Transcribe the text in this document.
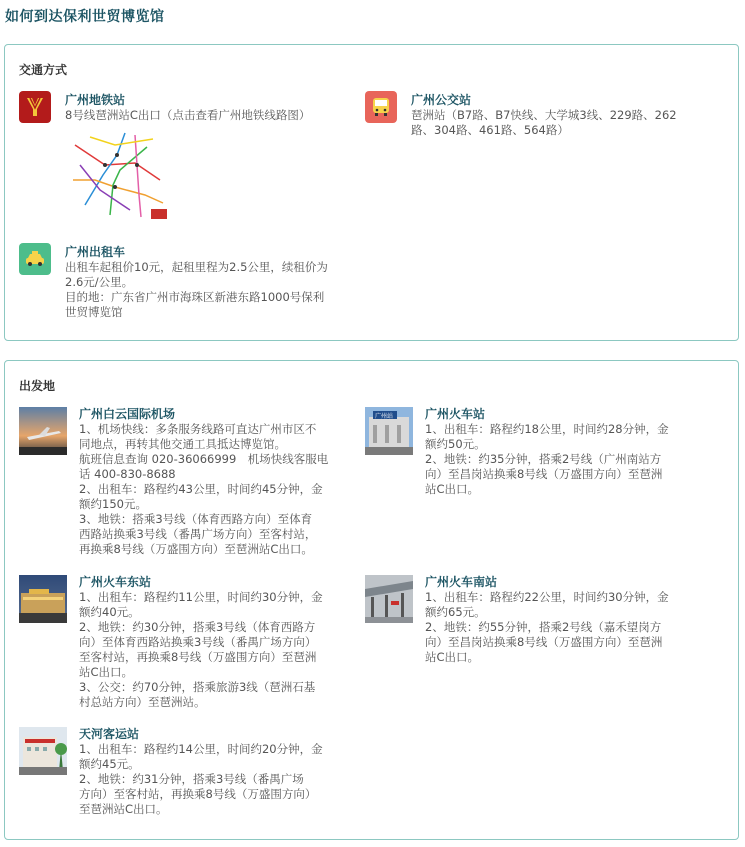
如何到达保利世贸博览馆
交通方式
广州地铁站
8号线琶洲站C出口（点击查看广州地铁线路图）
广州公交站
琶洲站（B7路、B7快线、大学城3线、229路、262
路、304路、461路、564路）
广州出租车
出租车起租价10元，起租里程为2.5公里，续租价为
2.6元/公里。
目的地：广东省广州市海珠区新港东路1000号保利
世贸博览馆
出发地
广州白云国际机场
1、机场快线：多条服务线路可直达广州市区不
同地点，再转其他交通工具抵达博览馆。
航班信息查询 020-36066999　机场快线客服电
话 400-830-8688
2、出租车：路程约43公里，时间约45分钟，金
额约150元。
3、地铁：搭乘3号线（体育西路方向）至体育
西路站换乘3号线（番禺广场方向）至客村站，
再换乘8号线（万盛围方向）至琶洲站C出口。
广州站	广州火车站
1、出租车：路程约18公里，时间约28分钟，金
额约50元。
2、地铁：约35分钟，搭乘2号线（广州南站方
向）至昌岗站换乘8号线（万盛围方向）至琶洲
站C出口。
广州火车东站
1、出租车：路程约11公里，时间约30分钟，金
额约40元。
2、地铁：约30分钟，搭乘3号线（体育西路方
向）至体育西路站换乘3号线（番禺广场方向）
至客村站，再换乘8号线（万盛围方向）至琶洲
站C出口。
3、公交：约70分钟，搭乘旅游3线（琶洲石基
村总站方向）至琶洲站。
广州火车南站
1、出租车：路程约22公里，时间约30分钟，金
额约65元。
2、地铁：约55分钟，搭乘2号线（嘉禾望岗方
向）至昌岗站换乘8号线（万盛围方向）至琶洲
站C出口。
天河客运站
1、出租车：路程约14公里，时间约20分钟，金
额约45元。
2、地铁：约31分钟，搭乘3号线（番禺广场
方向）至客村站，再换乘8号线（万盛围方向）
至琶洲站C出口。
